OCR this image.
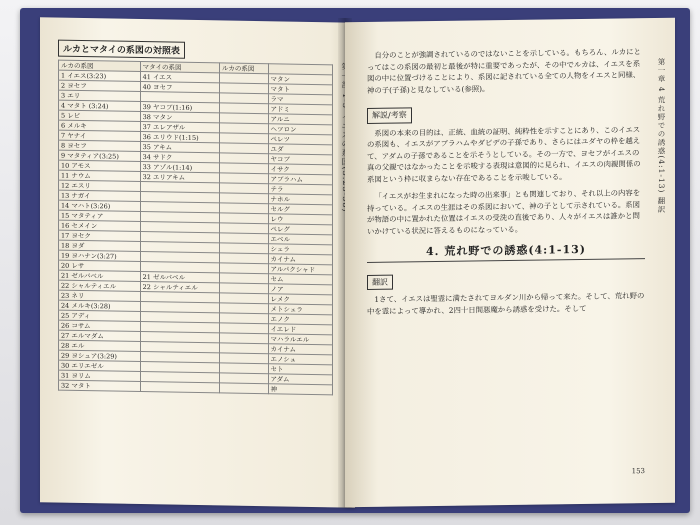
ルカとマタイの系図の対照表
ルカの系図	マタイの系図	ルカの系図	
1 イエス(3:23)	41 イエス		マタン
2 ヨセフ	40 ヨセフ		マタト
3 エリ			ラマ
4 マタト (3:24)	39 ヤコブ(1:16)		アドミ
5 レビ	38 マタン		アルニ
6 メルキ	37 エレアザル		ヘツロン
7 ヤナイ	36 エリウド(1:15)		ペレツ
8 ヨセフ	35 アキム		ユダ
9 マタティア(3:25)	34 サドク		ヤコブ
10 アモス	33 アゾル(1:14)		イサク
11 ナウム	32 エリアキム		アブラハム
12 エスリ			テラ
13 ナガイ			ナホル
14 マハト(3:26)			セルグ
15 マタティア			レウ
16 セメイン			ペレグ
17 ヨセク			エベル
18 ヨダ			シェラ
19 ヨハナン(3:27)			カイナム
20 レサ			アルパクシャド
21 ゼルバベル	21 ゼルバベル		セム
22 シャルティエル	22 シャルティエル		ノア
23 ネリ			レメク
24 メルキ(3:28)			メトシェラ
25 アディ			エノク
26 コサム			イエレド
27 エルマダム			マハラルエル
28 エル			カイナム
29 ヨシュア(3:29)			エノシュ
30 エリエゼル			セト
31 ヨリム			アダム
32 マタト			神

自分のことが強調されているのではないことを示している。もちろん、ルカにとってはこの系図の最初と最後が特に重要であったが、その中でルカは、イエスを系図の中に位置づけることにより、系図に記されている全ての人物をイエスと同様、神の子(子孫)と見なしている(参照)。

解説/考察

系図の本来の目的は、正統、血統の証明、純粋性を示すことにあり、このイエスの系図も、イエスがアブラハムやダビデの子孫であり、さらにはユダヤの枠を越えて、アダムの子孫であることを示そうとしている。その一方で、ヨセフがイエスの真の父親ではなかったことを示唆する表現は意図的に見られ、イエスの肉親関係の系図という枠に収まらない存在であることを示唆している。

「イエスがお生まれになった時の出来事」とも関連しており、それ以上の内容を持っている。イエスの生涯はその系図において、神の子として示されている。系図が物語の中に置かれた位置はイエスの受洗の直後であり、人々がイエスは誰かと問いかけている状況に答えるものになっている。

4. 荒れ野での誘惑(4:1-13)
翻訳

1さて、イエスは聖霊に満たされてヨルダン川から帰って来た。そして、荒れ野の中を霊によって導かれ、2四十日間悪魔から誘惑を受けた。そして

第一章 4 荒れ野での誘惑(4:1-13) 翻訳
153
